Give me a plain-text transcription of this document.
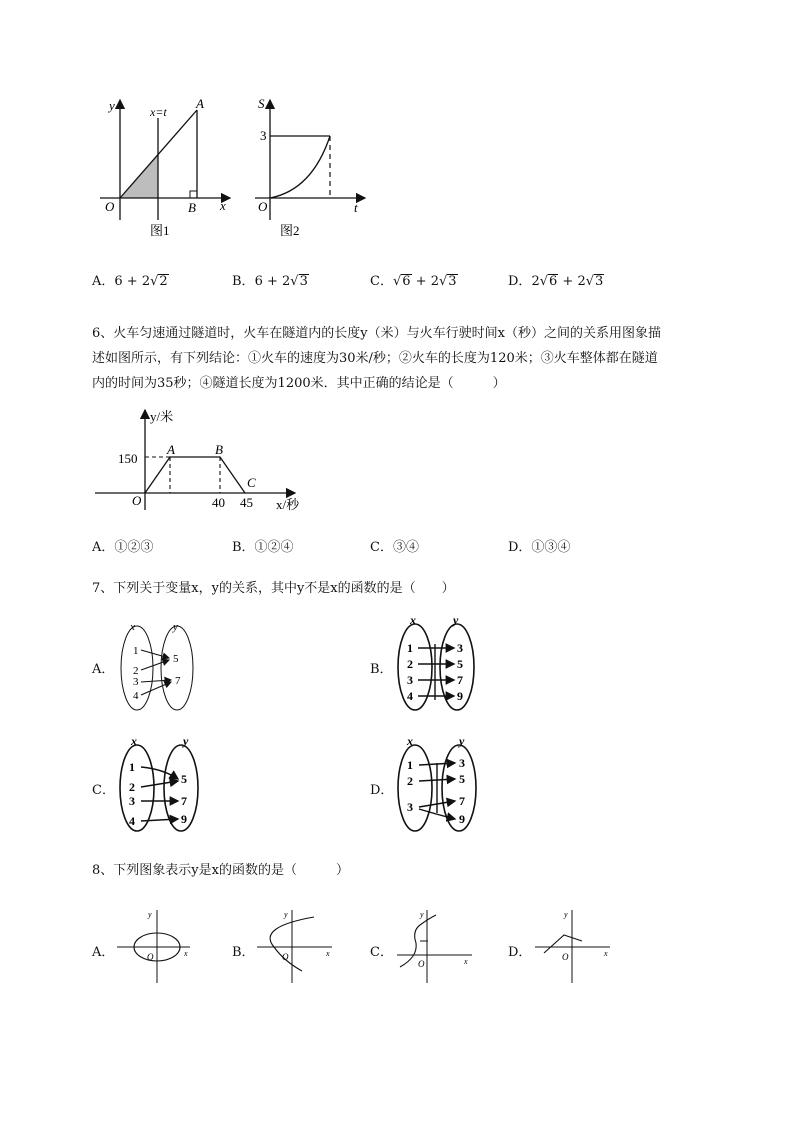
y	x=t
A
O	B x
图1
S
3
O	t
图2
A．6 + 2√2	B．6 + 2√3	C．√6 + 2√3	D．2√6 + 2√3
6、火车匀速通过隧道时，火车在隧道内的长度y（米）与火车行驶时间x（秒）之间的关系用图象描
述如图所示，有下列结论：①火车的速度为30米/秒；②火车的长度为120米；③火车整体都在隧道
内的时间为35秒；④隧道长度为1200米．其中正确的结论是（　　　）
y/米
150
A	B
C
O	40 45 x/秒
A．①②③	B．①②④	C．③④	D．①③④
7、下列关于变量x，y的关系，其中y不是x的函数的是（　　）
A．	B．
C．	D．
x	y
1
2
3
4
5
7
x	y
1
2
3
4
3
5
7
9
x	y
1
2
3
4
5
7
9
x	y
1
2
3
3
5
7
9
8、下列图象表示y是x的函数的是（　　　）
A．	B．	C．	D．
y
x
O
y
x
O
y
x
O
y
x
O
